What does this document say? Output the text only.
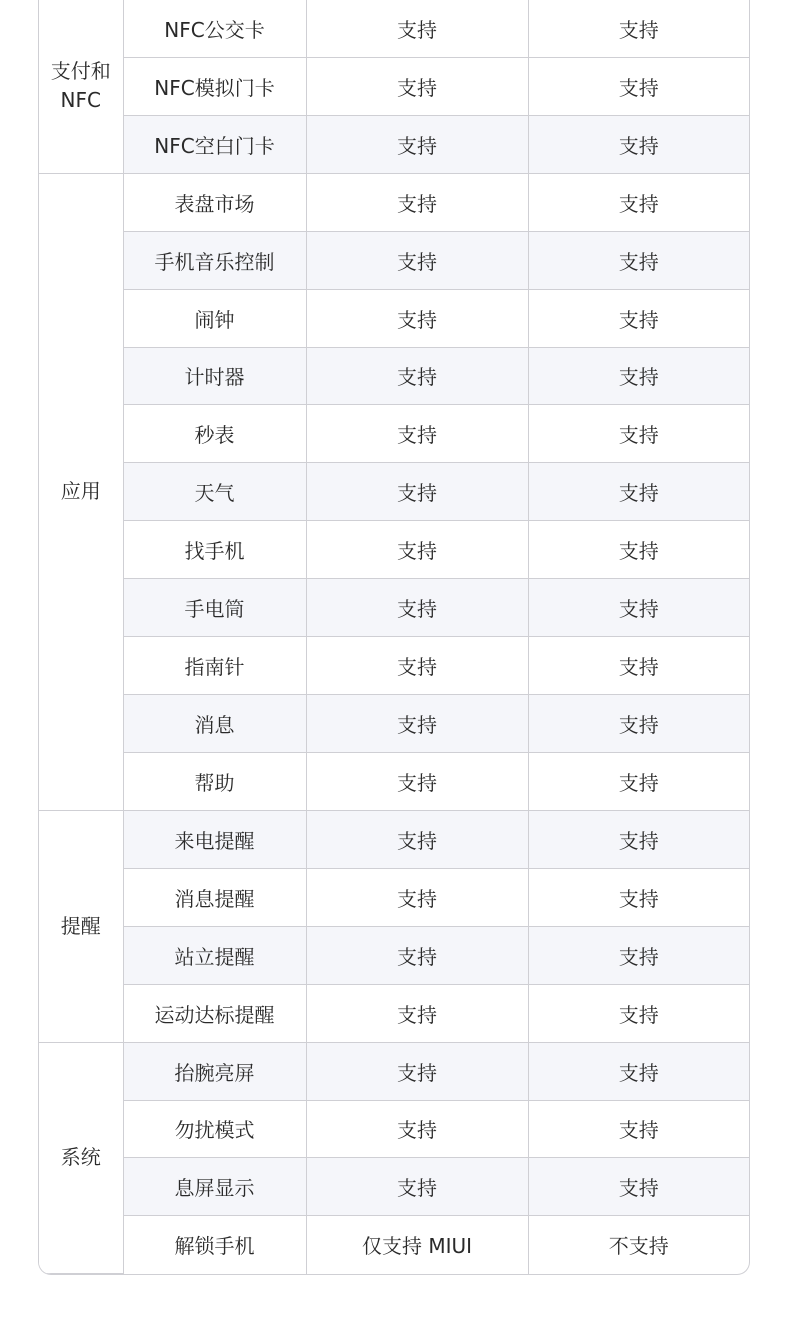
支付和NFC	NFC公交卡	支持	支持
	NFC模拟门卡	支持	支持
	NFC空白门卡	支持	支持
应用	表盘市场	支持	支持
	手机音乐控制	支持	支持
	闹钟	支持	支持
	计时器	支持	支持
	秒表	支持	支持
	天气	支持	支持
	找手机	支持	支持
	手电筒	支持	支持
	指南针	支持	支持
	消息	支持	支持
	帮助	支持	支持
提醒	来电提醒	支持	支持
	消息提醒	支持	支持
	站立提醒	支持	支持
	运动达标提醒	支持	支持
系统	抬腕亮屏	支持	支持
	勿扰模式	支持	支持
	息屏显示	支持	支持
	解锁手机	仅支持 MIUI	不支持
